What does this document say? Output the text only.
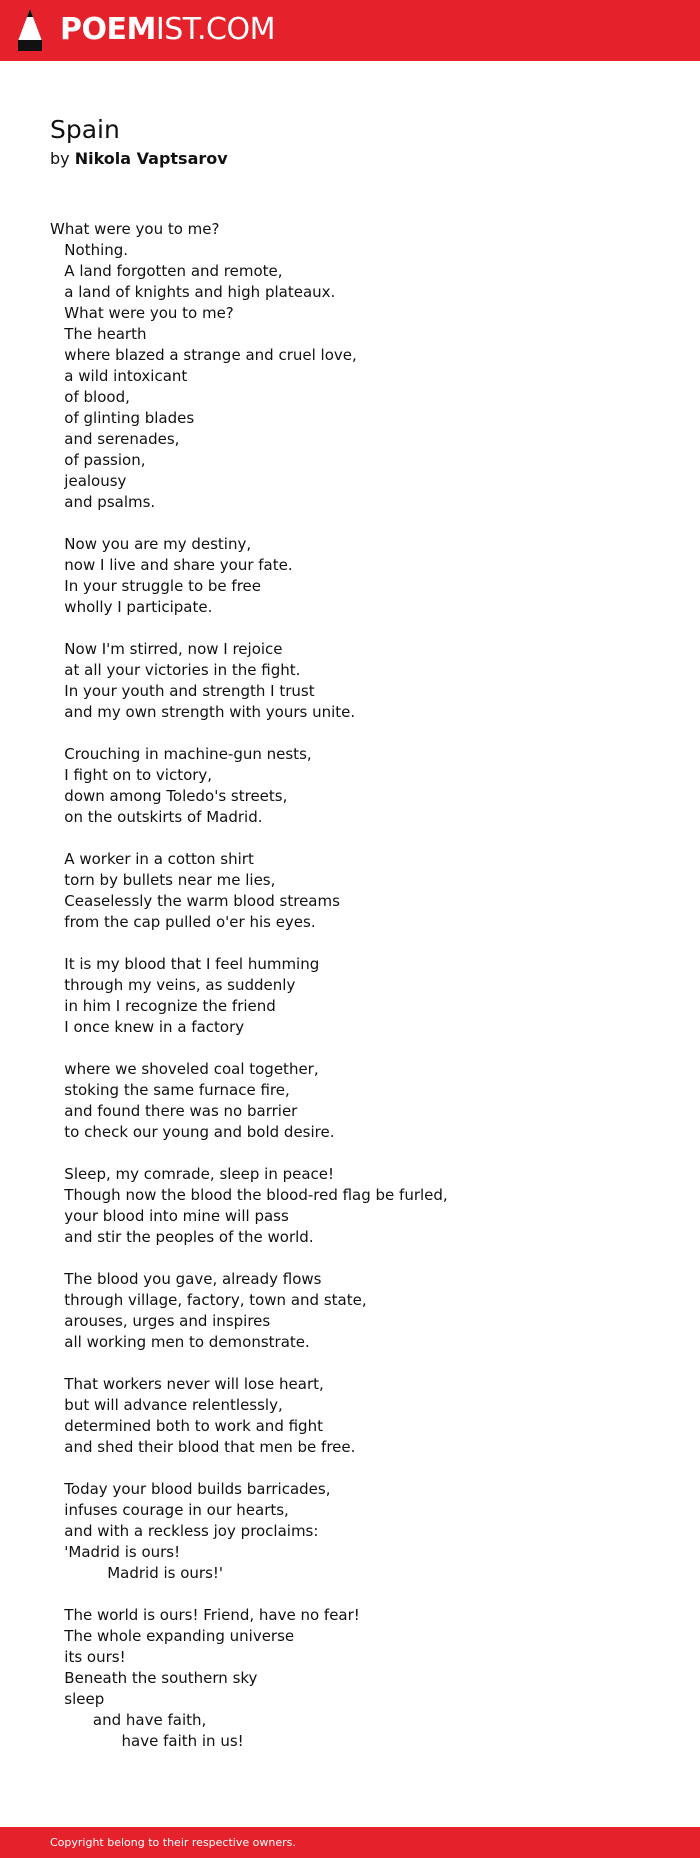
POEMIST.COM
Spain
by Nikola Vaptsarov
What were you to me?
Nothing.
A land forgotten and remote,
a land of knights and high plateaux.
What were you to me?
The hearth
where blazed a strange and cruel love,
a wild intoxicant
of blood,
of glinting blades
and serenades,
of passion,
jealousy
and psalms.
Now you are my destiny,
now I live and share your fate.
In your struggle to be free
wholly I participate.
Now I'm stirred, now I rejoice
at all your victories in the fight.
In your youth and strength I trust
and my own strength with yours unite.
Crouching in machine-gun nests,
I fight on to victory,
down among Toledo's streets,
on the outskirts of Madrid.
A worker in a cotton shirt
torn by bullets near me lies,
Ceaselessly the warm blood streams
from the cap pulled o'er his eyes.
It is my blood that I feel humming
through my veins, as suddenly
in him I recognize the friend
I once knew in a factory
where we shoveled coal together,
stoking the same furnace fire,
and found there was no barrier
to check our young and bold desire.
Sleep, my comrade, sleep in peace!
Though now the blood the blood-red flag be furled,
your blood into mine will pass
and stir the peoples of the world.
The blood you gave, already flows
through village, factory, town and state,
arouses, urges and inspires
all working men to demonstrate.
That workers never will lose heart,
but will advance relentlessly,
determined both to work and fight
and shed their blood that men be free.
Today your blood builds barricades,
infuses courage in our hearts,
and with a reckless joy proclaims:
'Madrid is ours!
Madrid is ours!'
The world is ours! Friend, have no fear!
The whole expanding universe
its ours!
Beneath the southern sky
sleep
and have faith,
have faith in us!
Copyright belong to their respective owners.
